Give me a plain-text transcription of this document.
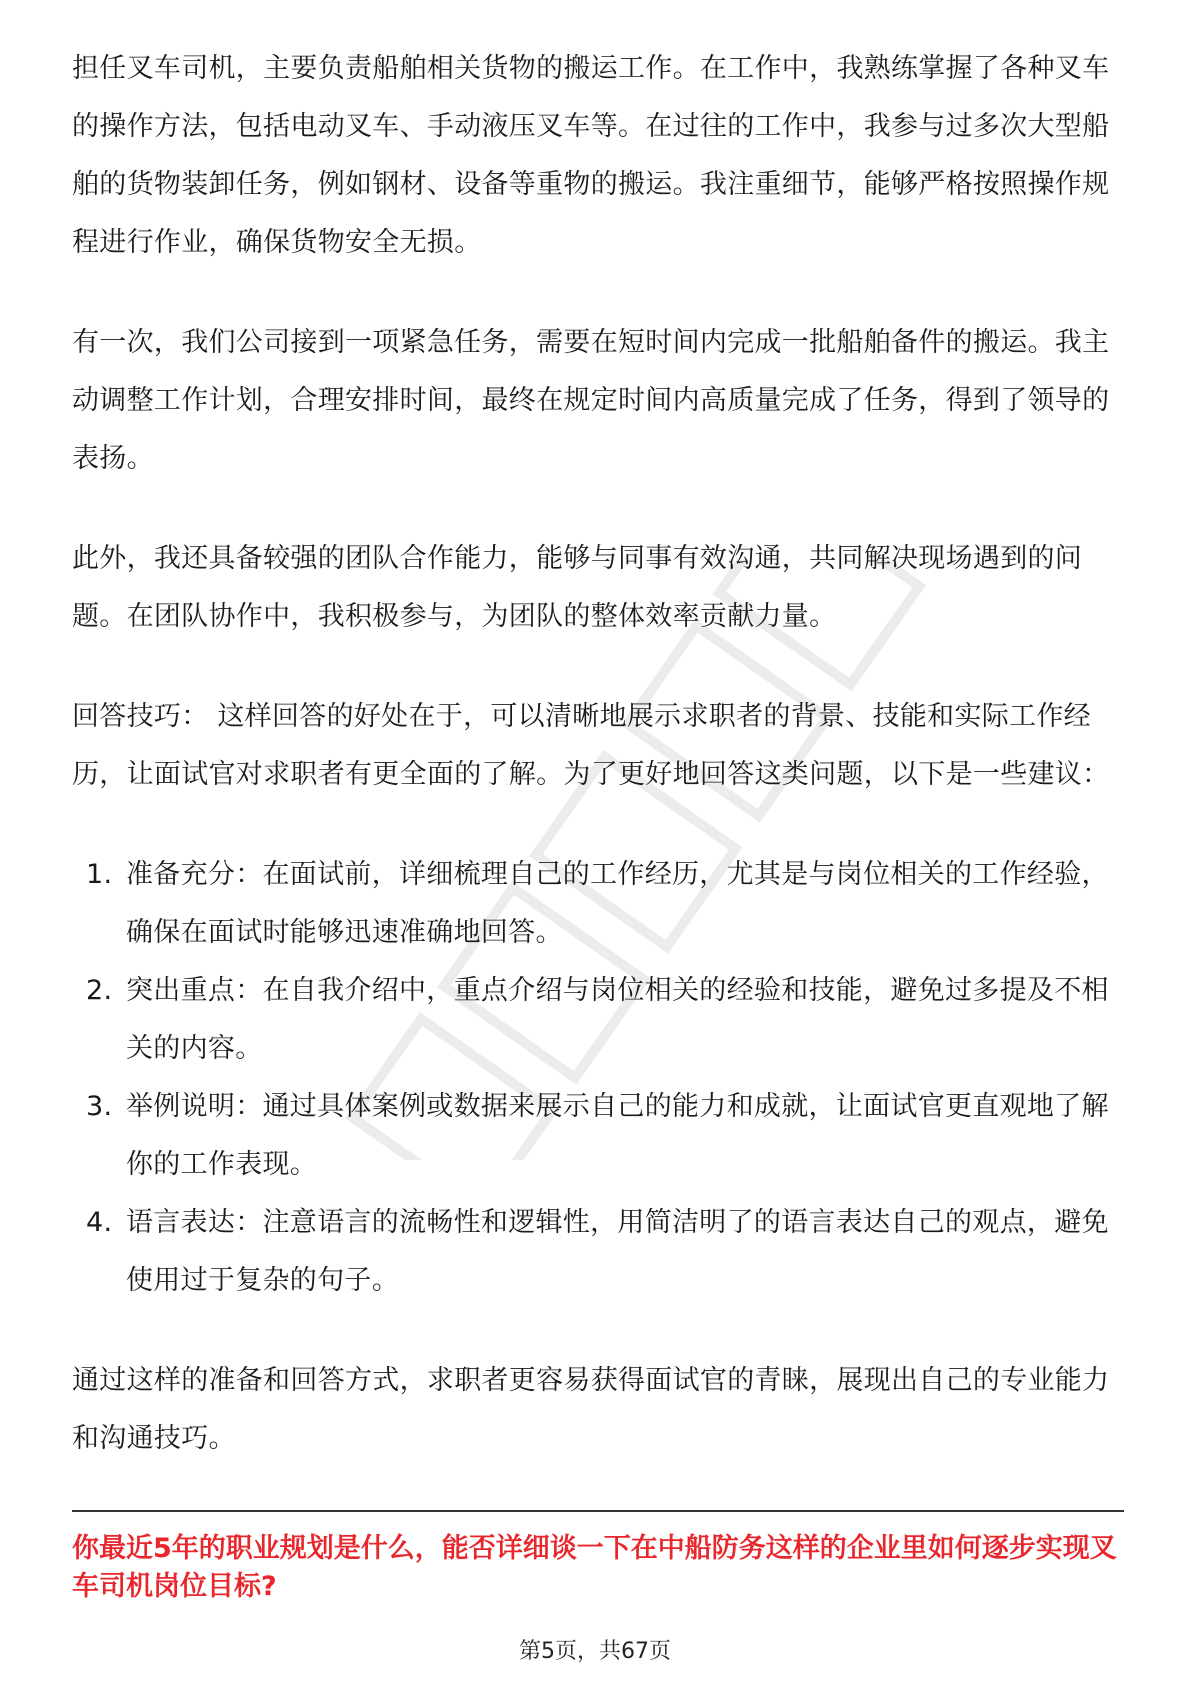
担任叉车司机，主要负责船舶相关货物的搬运工作。在工作中，我熟练掌握了各种叉车的操作方法，包括电动叉车、手动液压叉车等。在过往的工作中，我参与过多次大型船舶的货物装卸任务，例如钢材、设备等重物的搬运。我注重细节，能够严格按照操作规程进行作业，确保货物安全无损。

有一次，我们公司接到一项紧急任务，需要在短时间内完成一批船舶备件的搬运。我主动调整工作计划，合理安排时间，最终在规定时间内高质量完成了任务，得到了领导的表扬。

此外，我还具备较强的团队合作能力，能够与同事有效沟通，共同解决现场遇到的问题。在团队协作中，我积极参与，为团队的整体效率贡献力量。

回答技巧： 这样回答的好处在于，可以清晰地展示求职者的背景、技能和实际工作经历，让面试官对求职者有更全面的了解。为了更好地回答这类问题，以下是一些建议：

1. 准备充分：在面试前，详细梳理自己的工作经历，尤其是与岗位相关的工作经验，确保在面试时能够迅速准确地回答。
2. 突出重点：在自我介绍中，重点介绍与岗位相关的经验和技能，避免过多提及不相关的内容。
3. 举例说明：通过具体案例或数据来展示自己的能力和成就，让面试官更直观地了解你的工作表现。
4. 语言表达：注意语言的流畅性和逻辑性，用简洁明了的语言表达自己的观点，避免使用过于复杂的句子。

通过这样的准备和回答方式，求职者更容易获得面试官的青睐，展现出自己的专业能力和沟通技巧。

你最近5年的职业规划是什么，能否详细谈一下在中船防务这样的企业里如何逐步实现叉车司机岗位目标?
第5页，共67页
